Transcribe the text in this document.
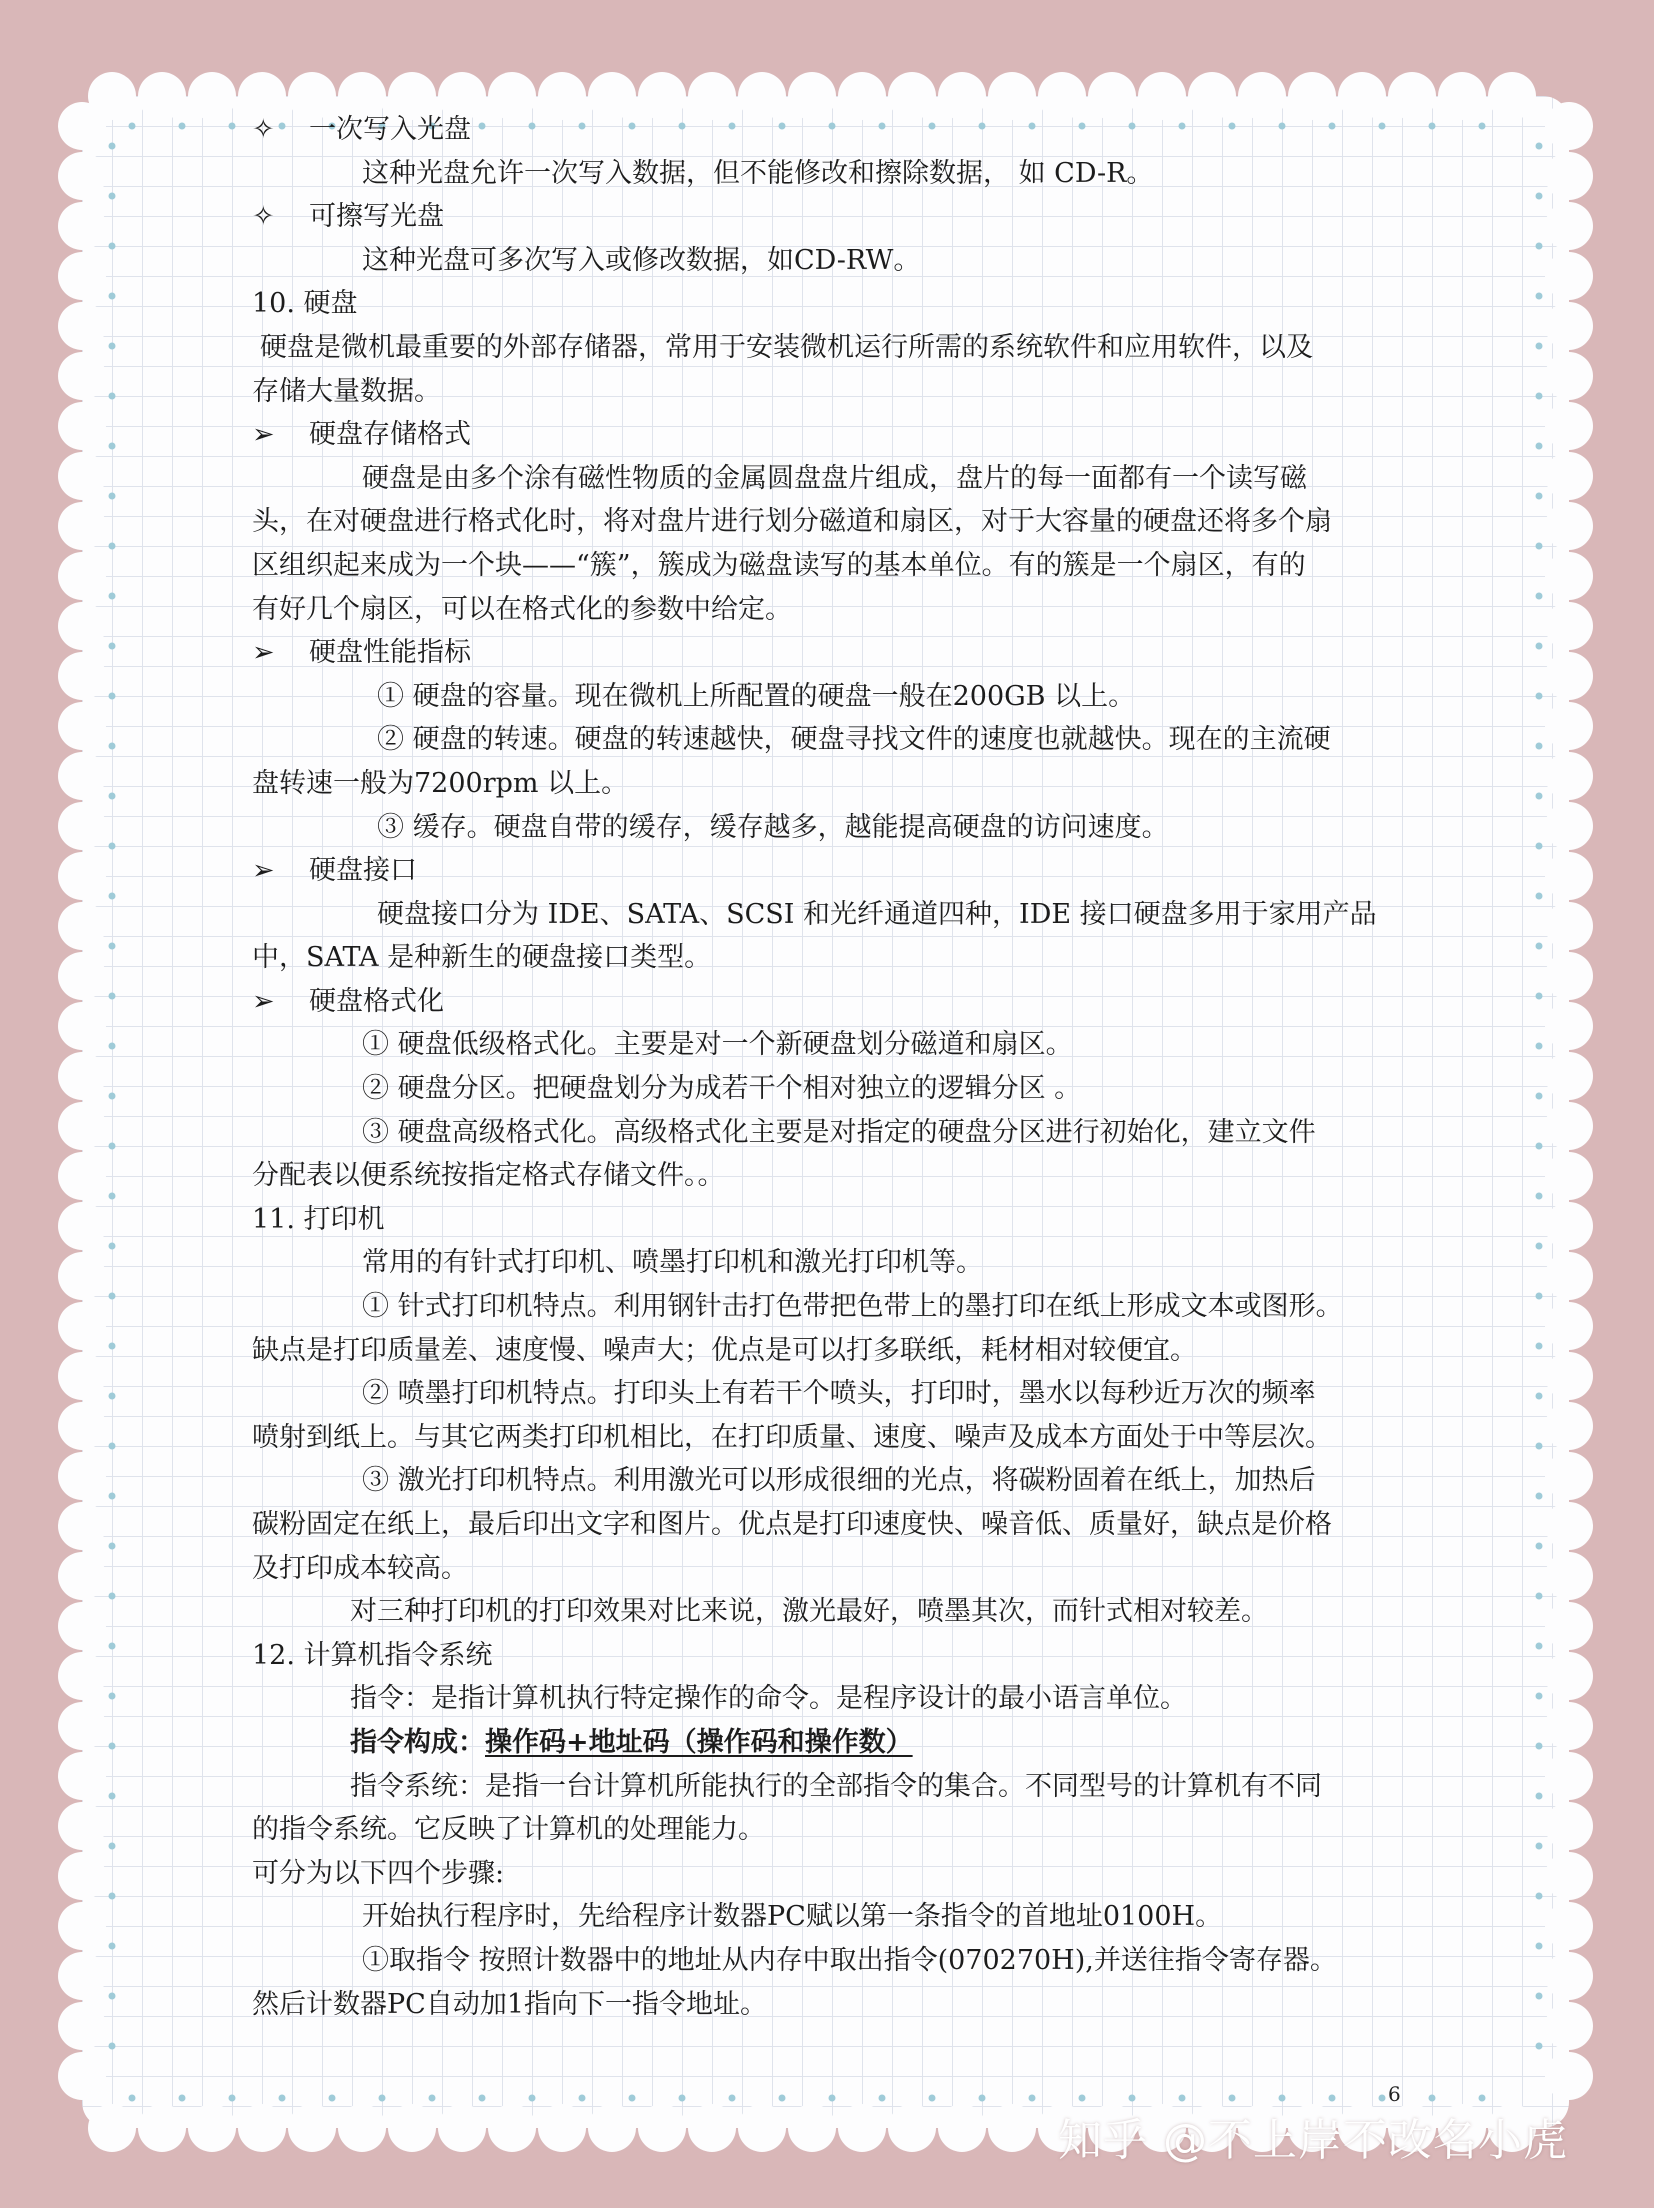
✧ 一次写入光盘
这种光盘允许一次写入数据，但不能修改和擦除数据， 如 CD-R。
✧ 可擦写光盘
这种光盘可多次写入或修改数据，如CD-RW。
10. 硬盘
硬盘是微机最重要的外部存储器，常用于安装微机运行所需的系统软件和应用软件，以及
存储大量数据。
➢ 硬盘存储格式
硬盘是由多个涂有磁性物质的金属圆盘盘片组成，盘片的每一面都有一个读写磁
头，在对硬盘进行格式化时，将对盘片进行划分磁道和扇区，对于大容量的硬盘还将多个扇
区组织起来成为一个块——“簇”，簇成为磁盘读写的基本单位。有的簇是一个扇区，有的
有好几个扇区，可以在格式化的参数中给定。
➢ 硬盘性能指标
① 硬盘的容量。现在微机上所配置的硬盘一般在200GB 以上。
② 硬盘的转速。硬盘的转速越快，硬盘寻找文件的速度也就越快。现在的主流硬
盘转速一般为7200rpm 以上。
③ 缓存。硬盘自带的缓存，缓存越多，越能提高硬盘的访问速度。
➢ 硬盘接口
硬盘接口分为 IDE、SATA、SCSI 和光纤通道四种，IDE 接口硬盘多用于家用产品
中，SATA 是种新生的硬盘接口类型。
➢ 硬盘格式化
① 硬盘低级格式化。主要是对一个新硬盘划分磁道和扇区。
② 硬盘分区。把硬盘划分为成若干个相对独立的逻辑分区 。
③ 硬盘高级格式化。高级格式化主要是对指定的硬盘分区进行初始化，建立文件
分配表以便系统按指定格式存储文件。。
11. 打印机
常用的有针式打印机、喷墨打印机和激光打印机等。
① 针式打印机特点。利用钢针击打色带把色带上的墨打印在纸上形成文本或图形。
缺点是打印质量差、速度慢、噪声大；优点是可以打多联纸，耗材相对较便宜。
② 喷墨打印机特点。打印头上有若干个喷头，打印时，墨水以每秒近万次的频率
喷射到纸上。与其它两类打印机相比，在打印质量、速度、噪声及成本方面处于中等层次。
③ 激光打印机特点。利用激光可以形成很细的光点，将碳粉固着在纸上，加热后
碳粉固定在纸上，最后印出文字和图片。优点是打印速度快、噪音低、质量好，缺点是价格
及打印成本较高。
对三种打印机的打印效果对比来说，激光最好，喷墨其次，而针式相对较差。
12. 计算机指令系统
指令：是指计算机执行特定操作的命令。是程序设计的最小语言单位。
指令构成：操作码+地址码（操作码和操作数）
指令系统：是指一台计算机所能执行的全部指令的集合。不同型号的计算机有不同
的指令系统。它反映了计算机的处理能力。
可分为以下四个步骤:
开始执行程序时，先给程序计数器PC赋以第一条指令的首地址0100H。
①取指令 按照计数器中的地址从内存中取出指令(070270H),并送往指令寄存器。
然后计数器PC自动加1指向下一指令地址。
6
知乎 @不上岸不改名小虎
